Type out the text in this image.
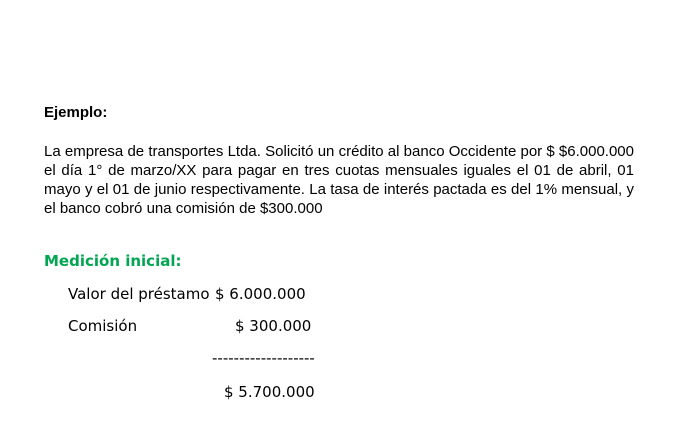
Ejemplo:

La empresa de transportes Ltda. Solicitó un crédito al banco Occidente por $ $6.000.000 el día 1° de marzo/XX para pagar en tres cuotas mensuales iguales el 01 de abril, 01 mayo y el 01 de junio respectivamente. La tasa de interés pactada es del 1% mensual, y el banco cobró una comisión de $300.000

Medición inicial:

Valor del préstamo $ 6.000.000
Comisión	$ 300.000
-------------------
$ 5.700.000
